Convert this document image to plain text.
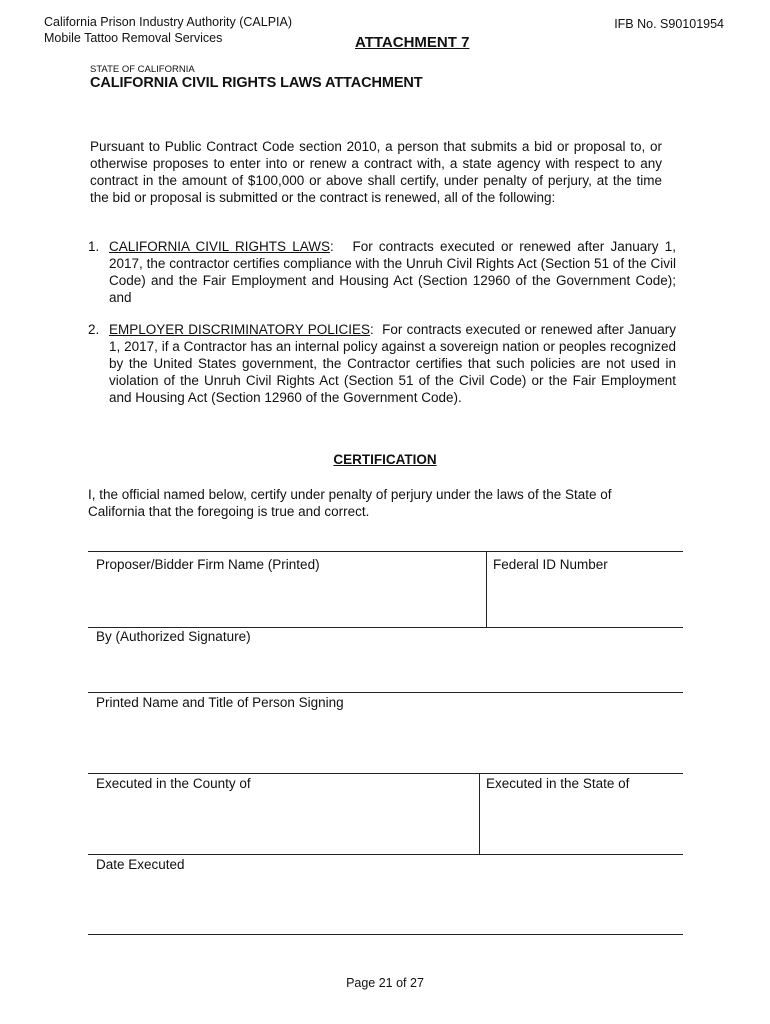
California Prison Industry Authority (CALPIA)
Mobile Tattoo Removal Services
IFB No. S90101954
ATTACHMENT 7
STATE OF CALIFORNIA
CALIFORNIA CIVIL RIGHTS LAWS ATTACHMENT
Pursuant to Public Contract Code section 2010, a person that submits a bid or proposal to, or otherwise proposes to enter into or renew a contract with, a state agency with respect to any contract in the amount of $100,000 or above shall certify, under penalty of perjury, at the time the bid or proposal is submitted or the contract is renewed, all of the following:
1. CALIFORNIA CIVIL RIGHTS LAWS:   For contracts executed or renewed after January 1, 2017, the contractor certifies compliance with the Unruh Civil Rights Act (Section 51 of the Civil Code) and the Fair Employment and Housing Act (Section 12960 of the Government Code); and
2. EMPLOYER DISCRIMINATORY POLICIES:  For contracts executed or renewed after January 1, 2017, if a Contractor has an internal policy against a sovereign nation or peoples recognized by the United States government, the Contractor certifies that such policies are not used in violation of the Unruh Civil Rights Act (Section 51 of the Civil Code) or the Fair Employment and Housing Act (Section 12960 of the Government Code).
CERTIFICATION
I, the official named below, certify under penalty of perjury under the laws of the State of California that the foregoing is true and correct.
Proposer/Bidder Firm Name (Printed)	Federal ID Number
By (Authorized Signature)
Printed Name and Title of Person Signing
Executed in the County of	Executed in the State of
Date Executed
Page 21 of 27
